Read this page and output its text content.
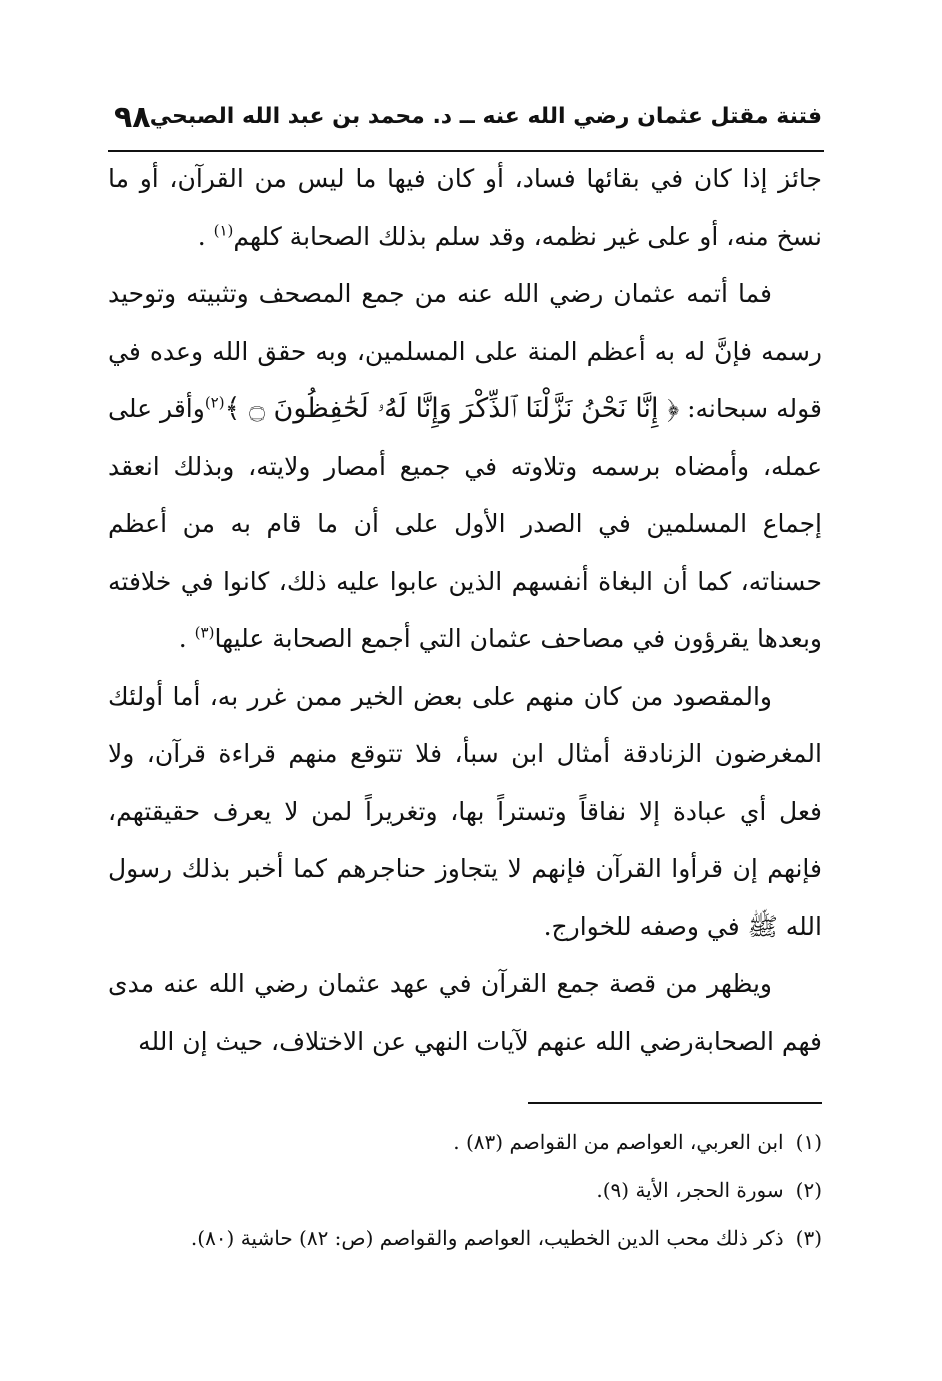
فتنة مقتل عثمان رضي الله عنه ــ د. محمد بن عبد الله الصبحي
٩٨

جائز إذا كان في بقائها فساد، أو كان فيها ما ليس من القرآن، أو ما نسخ منه، أو على غير نظمه، وقد سلم بذلك الصحابة كلهم$^{(١)}$ .

فما أتمه عثمان رضي الله عنه من جمع المصحف وتثبيته وتوحيد رسمه فإنَّ له به أعظم المنة على المسلمين، وبه حقق الله وعده في قوله سبحانه: ﴿ إِنَّا نَحْنُ نَزَّلْنَا ٱلذِّكْرَ وَإِنَّا لَهُۥ لَحَٰفِظُونَ ۝ ﴾$^{(٢)}$وأقر على عمله، وأمضاه برسمه وتلاوته في جميع أمصار ولايته، وبذلك انعقد إجماع المسلمين في الصدر الأول على أن ما قام به من أعظم حسناته، كما أن البغاة أنفسهم الذين عابوا عليه ذلك، كانوا في خلافته وبعدها يقرؤون في مصاحف عثمان التي أجمع الصحابة عليها$^{(٣)}$ .

والمقصود من كان منهم على بعض الخير ممن غرر به، أما أولئك المغرضون الزنادقة أمثال ابن سبأ، فلا تتوقع منهم قراءة قرآن، ولا فعل أي عبادة إلا نفاقاً وتستراً بها، وتغريراً لمن لا يعرف حقيقتهم، فإنهم إن قرأوا القرآن فإنهم لا يتجاوز حناجرهم كما أخبر بذلك رسول الله ﷺ في وصفه للخوارج.

ويظهر من قصة جمع القرآن في عهد عثمان رضي الله عنه مدى فهم الصحابةرضي الله عنهم لآيات النهي عن الاختلاف، حيث إن الله

(١)ابن العربي، العواصم من القواصم (٨٣) .

(٢)سورة الحجر، الأية (٩).

(٣)ذكر ذلك محب الدين الخطيب، العواصم والقواصم (ص: ٨٢) حاشية (٨٠).
